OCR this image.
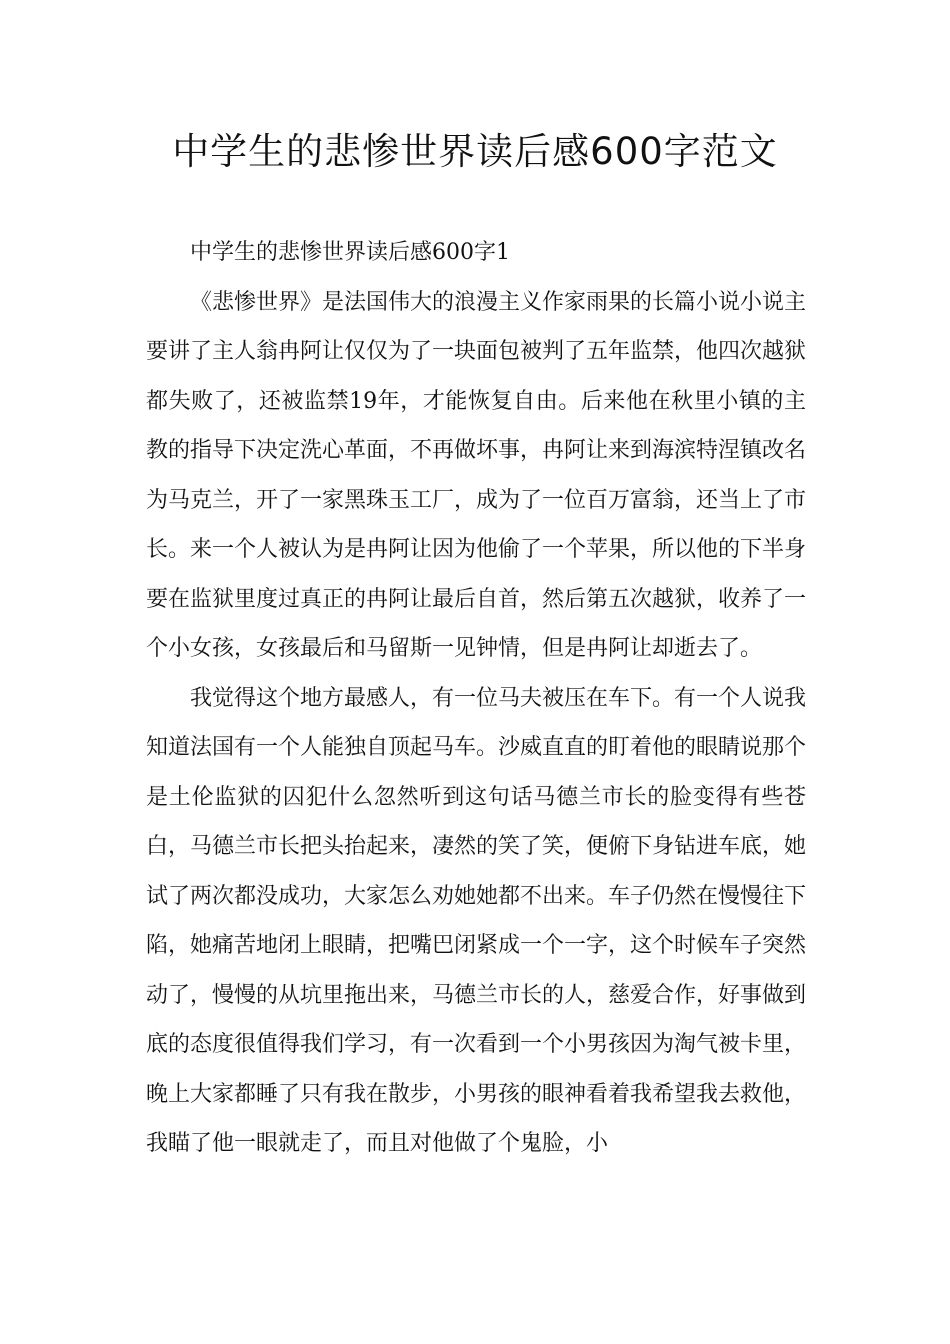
中学生的悲惨世界读后感600字范文

中学生的悲惨世界读后感600字1

《悲惨世界》是法国伟大的浪漫主义作家雨果的长篇小说小说主要讲了主人翁冉阿让仅仅为了一块面包被判了五年监禁，他四次越狱都失败了，还被监禁19年，才能恢复自由。后来他在秋里小镇的主教的指导下决定洗心革面，不再做坏事，冉阿让来到海滨特涅镇改名为马克兰，开了一家黑珠玉工厂，成为了一位百万富翁，还当上了市长。来一个人被认为是冉阿让因为他偷了一个苹果，所以他的下半身要在监狱里度过真正的冉阿让最后自首，然后第五次越狱，收养了一个小女孩，女孩最后和马留斯一见钟情，但是冉阿让却逝去了。

我觉得这个地方最感人，有一位马夫被压在车下。有一个人说我知道法国有一个人能独自顶起马车。沙威直直的盯着他的眼睛说那个是土伦监狱的囚犯什么忽然听到这句话马德兰市长的脸变得有些苍白，马德兰市长把头抬起来，凄然的笑了笑，便俯下身钻进车底，她试了两次都没成功，大家怎么劝她她都不出来。车子仍然在慢慢往下陷，她痛苦地闭上眼睛，把嘴巴闭紧成一个一字，这个时候车子突然动了，慢慢的从坑里拖出来，马德兰市长的人，慈爱合作，好事做到底的态度很值得我们学习，有一次看到一个小男孩因为淘气被卡里，晚上大家都睡了只有我在散步，小男孩的眼神看着我希望我去救他，我瞄了他一眼就走了，而且对他做了个鬼脸，小
